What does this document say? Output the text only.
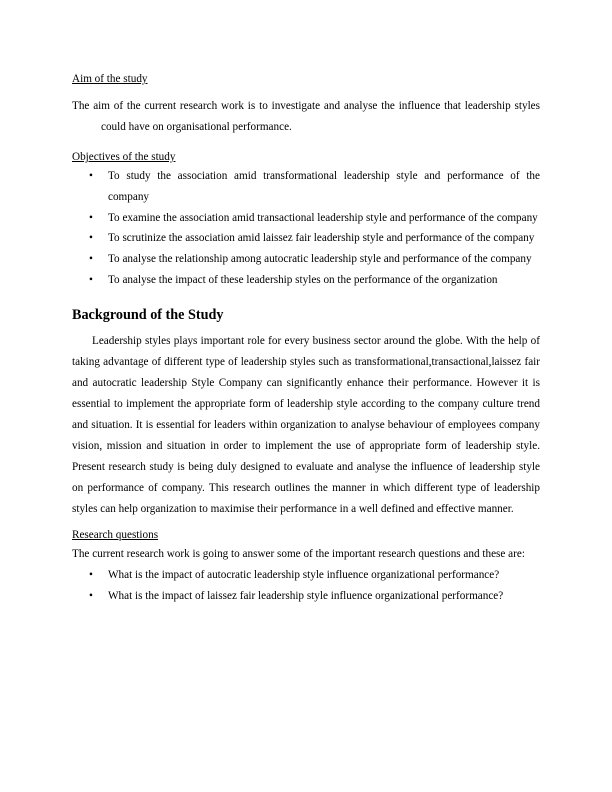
Aim of the study

The aim of the current research work is to investigate and analyse the influence that leadership styles could have on organisational performance.

Objectives of the study

• To study the association amid transformational leadership style and performance of the company
• To examine the association amid transactional leadership style and performance of the company
• To scrutinize the association amid laissez fair leadership style and performance of the company
• To analyse the relationship among autocratic leadership style and performance of the company
• To analyse the impact of these leadership styles on the performance of the organization

Background of the Study

Leadership styles plays important role for every business sector around the globe. With the help of taking advantage of different type of leadership styles such as transformational,transactional,laissez fair and autocratic leadership Style Company can significantly enhance their performance. However it is essential to implement the appropriate form of leadership style according to the company culture trend and situation. It is essential for leaders within organization to analyse behaviour of employees company vision, mission and situation in order to implement the use of appropriate form of leadership style. Present research study is being duly designed to evaluate and analyse the influence of leadership style on performance of company. This research outlines the manner in which different type of leadership styles can help organization to maximise their performance in a well defined and effective manner.

Research questions

The current research work is going to answer some of the important research questions and these are:

• What is the impact of autocratic leadership style influence organizational performance?
• What is the impact of laissez fair leadership style influence organizational performance?
